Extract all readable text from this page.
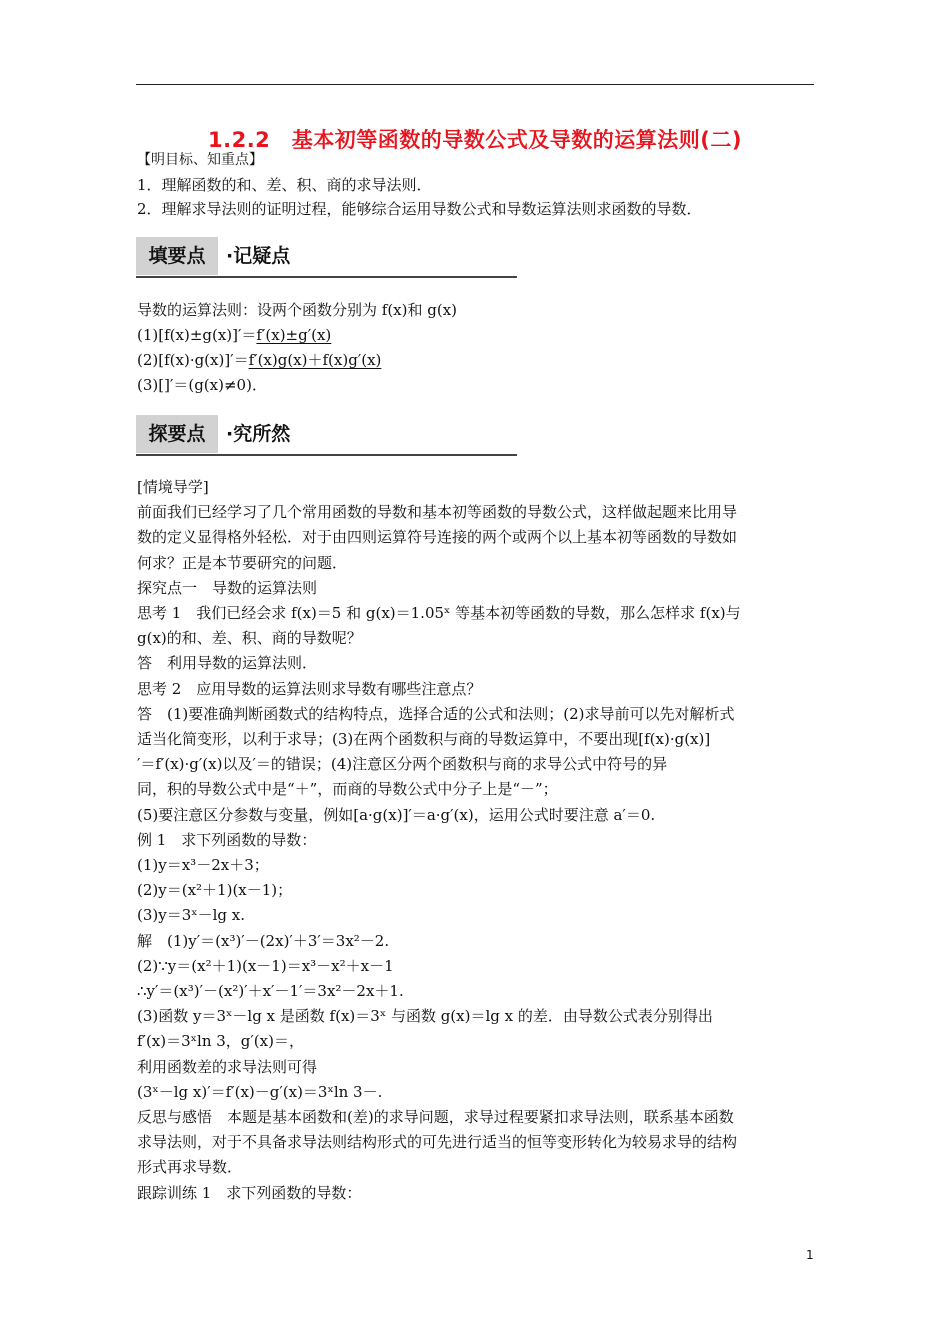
1.2.2　基本初等函数的导数公式及导数的运算法则(二)
【明目标、知重点】
1．理解函数的和、差、积、商的求导法则．
2．理解求导法则的证明过程，能够综合运用导数公式和导数运算法则求函数的导数．
填要点	·记疑点
导数的运算法则：设两个函数分别为 f(x)和 g(x)
(1)[f(x)±g(x)]′＝f′(x)±g′(x)
(2)[f(x)·g(x)]′＝f′(x)g(x)＋f(x)g′(x)
(3)[]′＝(g(x)≠0)．
探要点	·究所然
[情境导学]
前面我们已经学习了几个常用函数的导数和基本初等函数的导数公式，这样做起题来比用导
数的定义显得格外轻松．对于由四则运算符号连接的两个或两个以上基本初等函数的导数如
何求？正是本节要研究的问题．
探究点一　导数的运算法则
思考 1　我们已经会求 f(x)＝5 和 g(x)＝1.05ˣ 等基本初等函数的导数，那么怎样求 f(x)与
g(x)的和、差、积、商的导数呢？
答　利用导数的运算法则．
思考 2　应用导数的运算法则求导数有哪些注意点？
答　(1)要准确判断函数式的结构特点，选择合适的公式和法则；(2)求导前可以先对解析式
适当化简变形，以利于求导；(3)在两个函数积与商的导数运算中，不要出现[f(x)·g(x)]
′＝f′(x)·g′(x)以及′＝的错误；(4)注意区分两个函数积与商的求导公式中符号的异
同，积的导数公式中是“＋”，而商的导数公式中分子上是“－”；
(5)要注意区分参数与变量，例如[a·g(x)]′＝a·g′(x)，运用公式时要注意 a′＝0.
例 1　求下列函数的导数：
(1)y＝x³－2x＋3；
(2)y＝(x²＋1)(x－1)；
(3)y＝3ˣ－lg x.
解　(1)y′＝(x³)′－(2x)′＋3′＝3x²－2.
(2)∵y＝(x²＋1)(x－1)＝x³－x²＋x－1
∴y′＝(x³)′－(x²)′＋x′－1′＝3x²－2x＋1.
(3)函数 y＝3ˣ－lg x 是函数 f(x)＝3ˣ 与函数 g(x)＝lg x 的差．由导数公式表分别得出
f′(x)＝3ˣln 3，g′(x)＝，
利用函数差的求导法则可得
(3ˣ－lg x)′＝f′(x)－g′(x)＝3ˣln 3－.
反思与感悟　本题是基本函数和(差)的求导问题，求导过程要紧扣求导法则，联系基本函数
求导法则，对于不具备求导法则结构形式的可先进行适当的恒等变形转化为较易求导的结构
形式再求导数．
跟踪训练 1　求下列函数的导数：
1
